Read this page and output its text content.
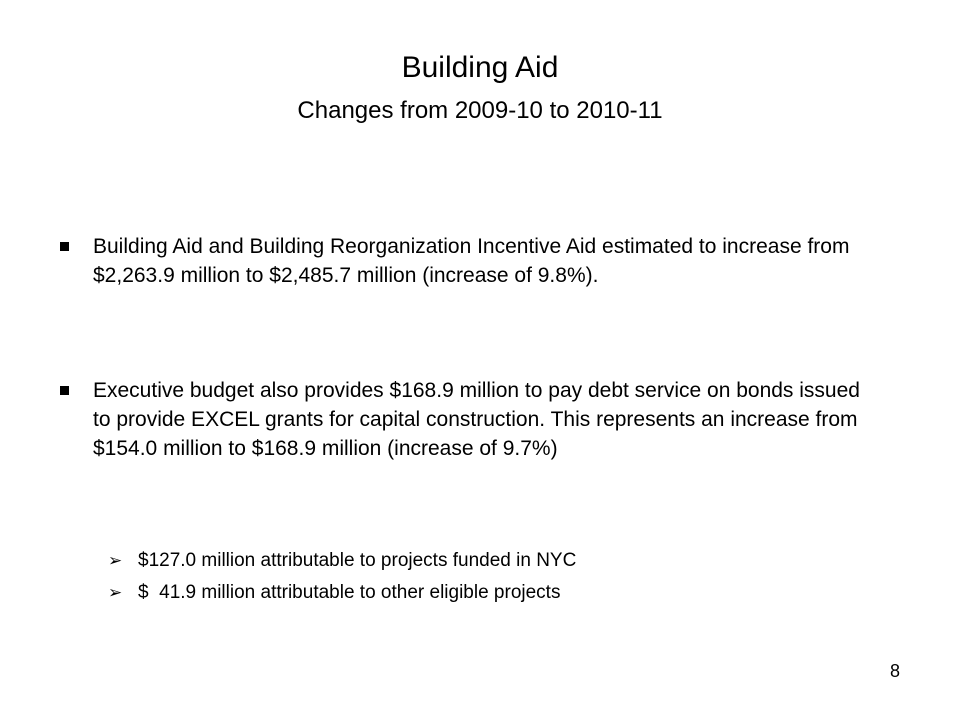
Building Aid
Changes from 2009-10 to 2010-11
Building Aid and Building Reorganization Incentive Aid estimated to increase from $2,263.9 million to $2,485.7 million (increase of 9.8%).
Executive budget also provides $168.9 million to pay debt service on bonds issued to provide EXCEL grants for capital construction. This represents an increase from $154.0 million to $168.9 million (increase of 9.7%)
➢ $127.0 million attributable to projects funded in NYC
➢ $  41.9 million attributable to other eligible projects
8
